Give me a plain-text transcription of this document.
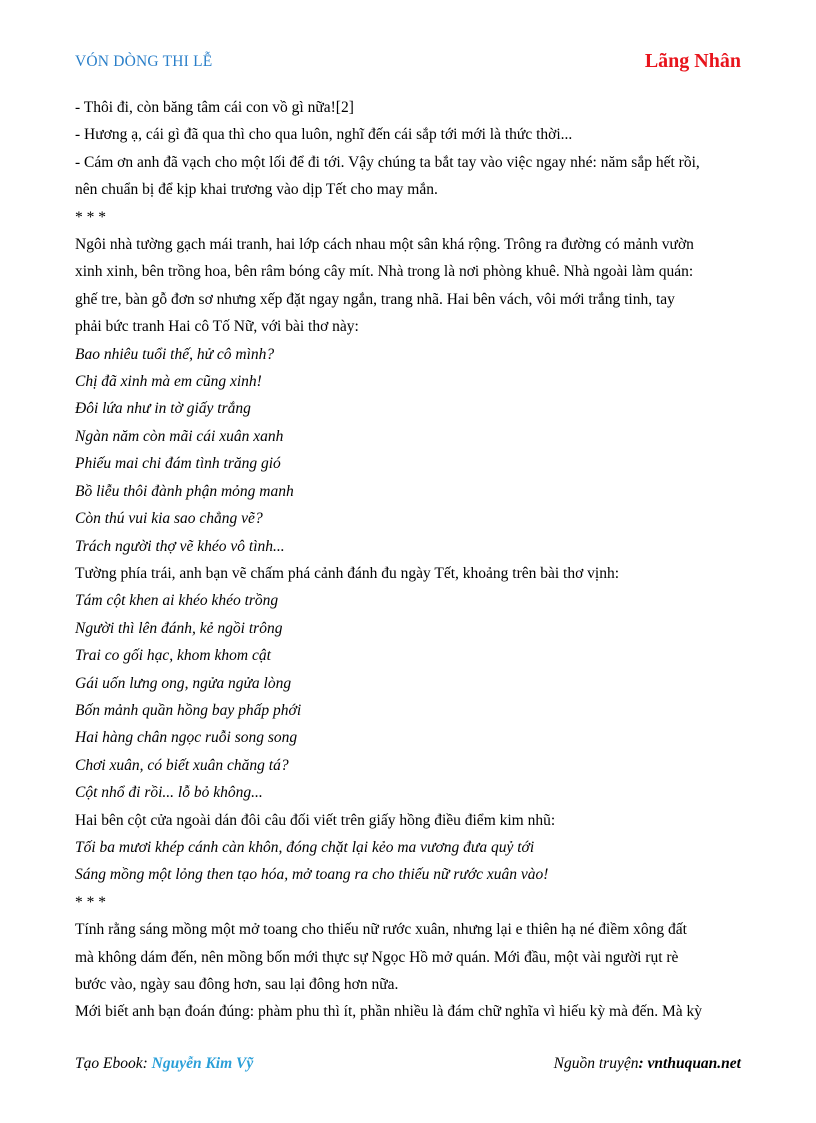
VÓN DÒNG THI LỄ	Lãng Nhân
- Thôi đi, còn băng tâm cái con vồ gì nữa![2]
- Hương ạ, cái gì đã qua thì cho qua luôn, nghĩ đến cái sắp tới mới là thức thời...
- Cám ơn anh đã vạch cho một lối để đi tới. Vậy chúng ta bắt tay vào việc ngay nhé: năm sắp hết rồi,
nên chuẩn bị để kịp khai trương vào dịp Tết cho may mắn.
* * *
Ngôi nhà tường gạch mái tranh, hai lớp cách nhau một sân khá rộng. Trông ra đường có mảnh vườn
xinh xinh, bên trồng hoa, bên râm bóng cây mít. Nhà trong là nơi phòng khuê. Nhà ngoài làm quán:
ghế tre, bàn gỗ đơn sơ nhưng xếp đặt ngay ngắn, trang nhã. Hai bên vách, vôi mới trắng tinh, tay
phải bức tranh Hai cô Tố Nữ, với bài thơ này:
Bao nhiêu tuổi thế, hử cô mình?
Chị đã xinh mà em cũng xinh!
Đôi lứa như in tờ giấy trắng
Ngàn năm còn mãi cái xuân xanh
Phiếu mai chi đám tình trăng gió
Bồ liễu thôi đành phận mỏng manh
Còn thú vui kia sao chẳng vẽ?
Trách người thợ vẽ khéo vô tình...
Tường phía trái, anh bạn vẽ chấm phá cảnh đánh đu ngày Tết, khoảng trên bài thơ vịnh:
Tám cột khen ai khéo khéo trồng
Người thì lên đánh, kẻ ngồi trông
Trai co gối hạc, khom khom cật
Gái uốn lưng ong, ngửa ngửa lòng
Bốn mảnh quần hồng bay phấp phới
Hai hàng chân ngọc ruỗi song song
Chơi xuân, có biết xuân chăng tá?
Cột nhổ đi rồi... lỗ bỏ không...
Hai bên cột cửa ngoài dán đôi câu đối viết trên giấy hồng điều điểm kim nhũ:
Tối ba mươi khép cánh càn khôn, đóng chặt lại kẻo ma vương đưa quỷ tới
Sáng mồng một lỏng then tạo hóa, mở toang ra cho thiếu nữ rước xuân vào!
* * *
Tính rằng sáng mồng một mở toang cho thiếu nữ rước xuân, nhưng lại e thiên hạ né điềm xông đất
mà không dám đến, nên mồng bốn mới thực sự Ngọc Hồ mở quán. Mới đầu, một vài người rụt rè
bước vào, ngày sau đông hơn, sau lại đông hơn nữa.
Mới biết anh bạn đoán đúng: phàm phu thì ít, phần nhiều là đám chữ nghĩa vì hiếu kỳ mà đến. Mà kỳ
Tạo Ebook: Nguyễn Kim Vỹ	Nguồn truyện: vnthuquan.net
